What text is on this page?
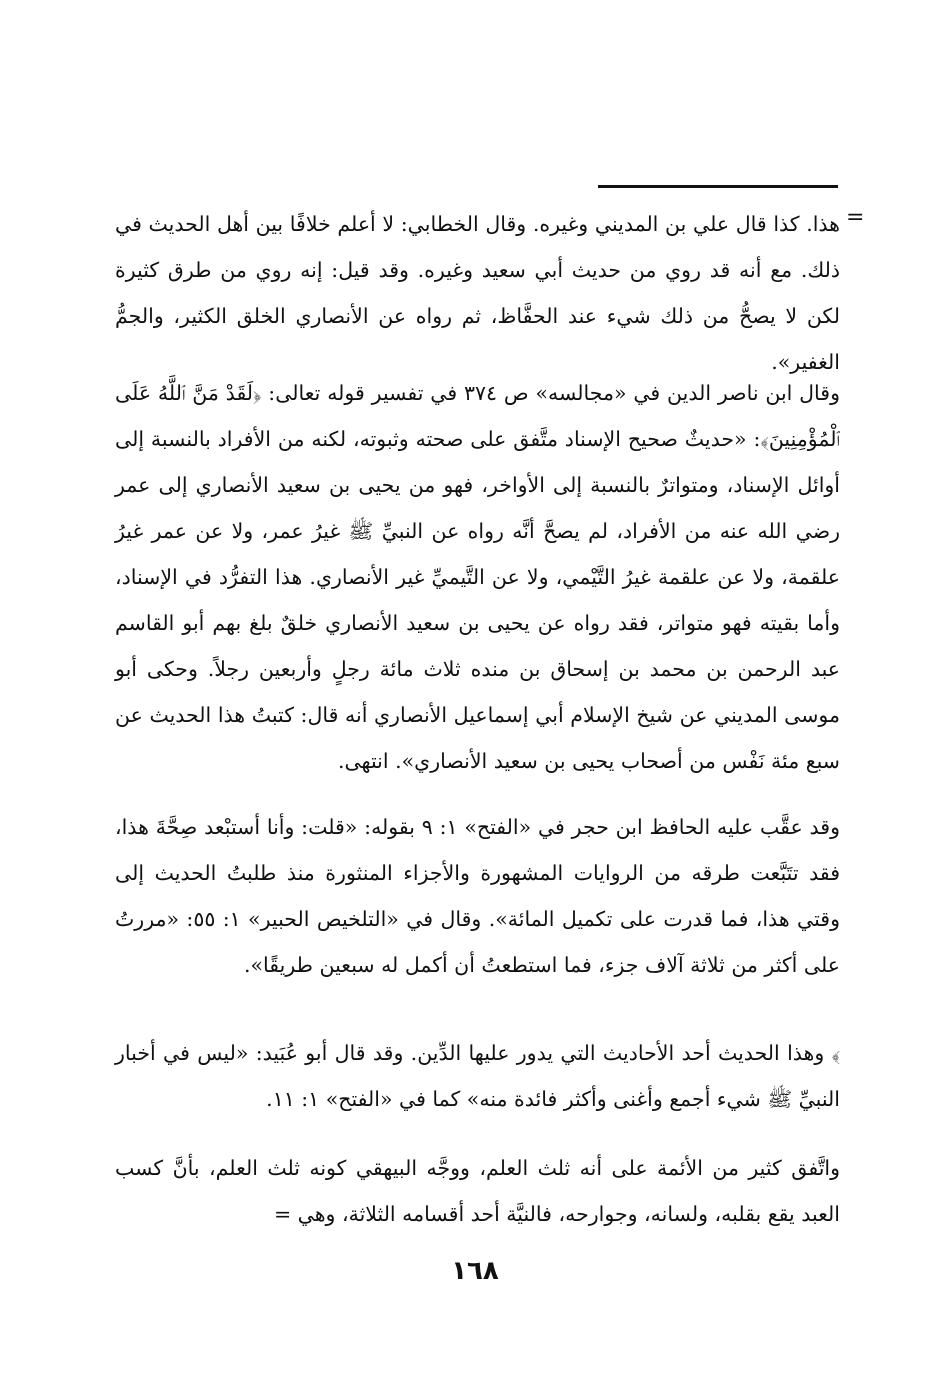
=

هذا. كذا قال علي بن المديني وغيره. وقال الخطابي: لا أعلم خلافًا بين أهل الحديث في ذلك. مع أنه قد روي من حديث أبي سعيد وغيره. وقد قيل: إنه روي من طرق كثيرة لكن لا يصحُّ من ذلك شيء عند الحفَّاظ، ثم رواه عن الأنصاري الخلق الكثير، والجمُّ الغفير».

وقال ابن ناصر الدين في «مجالسه» ص ٣٧٤ في تفسير قوله تعالى: ﴿لَقَدْ مَنَّ ٱللَّهُ عَلَى ٱلْمُؤْمِنِينَ﴾: «حديثٌ صحيح الإسناد متَّفق على صحته وثبوته، لكنه من الأفراد بالنسبة إلى أوائل الإسناد، ومتواترٌ بالنسبة إلى الأواخر، فهو من يحيى بن سعيد الأنصاري إلى عمر رضي الله عنه من الأفراد، لم يصحَّ أنَّه رواه عن النبيِّ ﷺ غيرُ عمر، ولا عن عمر غيرُ علقمة، ولا عن علقمة غيرُ التَّيْمي، ولا عن التَّيميِّ غير الأنصاري. هذا التفرُّد في الإسناد، وأما بقيته فهو متواتر، فقد رواه عن يحيى بن سعيد الأنصاري خلقٌ بلغ بهم أبو القاسم عبد الرحمن بن محمد بن إسحاق بن منده ثلاث مائة رجلٍ وأربعين رجلاً. وحكى أبو موسى المديني عن شيخ الإسلام أبي إسماعيل الأنصاري أنه قال: كتبتُ هذا الحديث عن سبع مئة نَفْس من أصحاب يحيى بن سعيد الأنصاري». انتهى.

وقد عقَّب عليه الحافظ ابن حجر في «الفتح» ١: ٩ بقوله: «قلت: وأنا أستبْعد صِحَّةَ هذا، فقد تتَبَّعت طرقه من الروايات المشهورة والأجزاء المنثورة منذ طلبتُ الحديث إلى وقتي هذا، فما قدرت على تكميل المائة». وقال في «التلخيص الحبير» ١: ٥٥: «مررتُ على أكثر من ثلاثة آلاف جزء، فما استطعتُ أن أكمل له سبعين طريقًا».

﴾ وهذا الحديث أحد الأحاديث التي يدور عليها الدِّين. وقد قال أبو عُبَيد: «ليس في أخبار النبيِّ ﷺ شيء أجمع وأغنى وأكثر فائدة منه» كما في «الفتح» ١: ١١.

واتَّفق كثير من الأئمة على أنه ثلث العلم، ووجَّه البيهقي كونه ثلث العلم، بأنَّ كسب العبد يقع بقلبه، ولسانه، وجوارحه، فالنيَّة أحد أقسامه الثلاثة، وهي =

١٦٨
